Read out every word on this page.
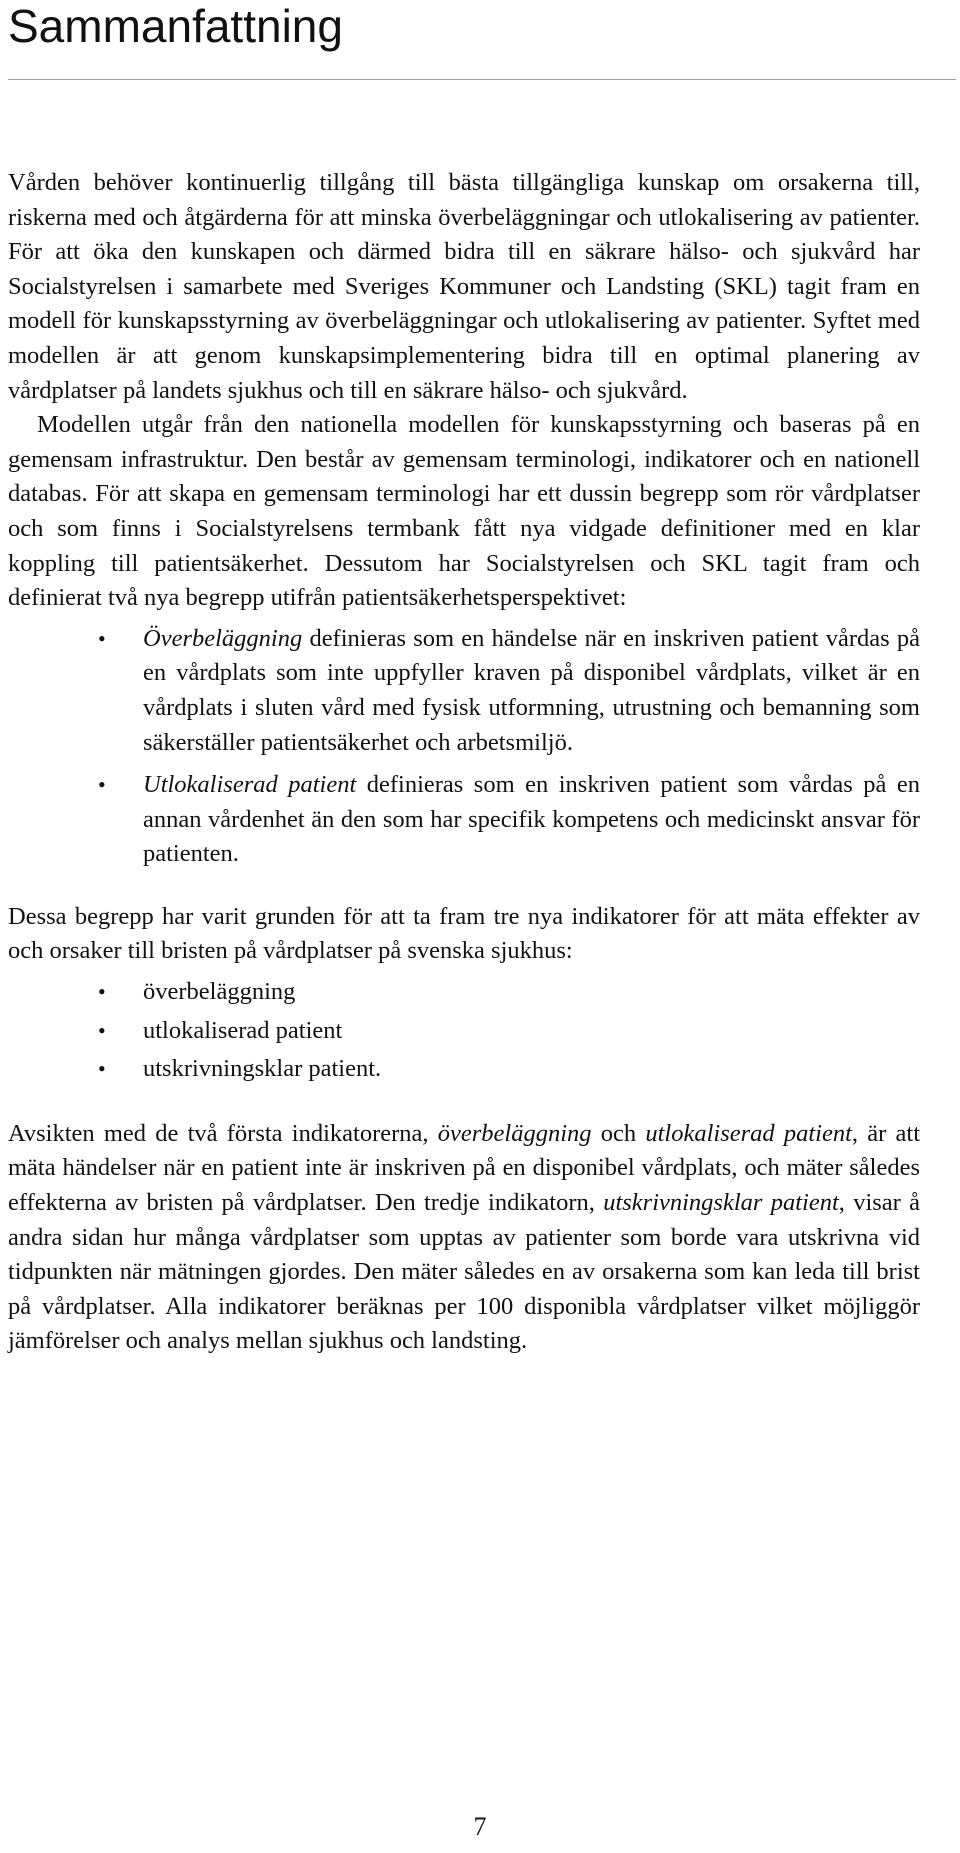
Sammanfattning

Vården behöver kontinuerlig tillgång till bästa tillgängliga kunskap om orsakerna till, riskerna med och åtgärderna för att minska överbeläggningar och utlokalisering av patienter. För att öka den kunskapen och därmed bidra till en säkrare hälso- och sjukvård har Socialstyrelsen i samarbete med Sveriges Kommuner och Landsting (SKL) tagit fram en modell för kunskapsstyrning av överbeläggningar och utlokalisering av patienter. Syftet med modellen är att genom kunskapsimplementering bidra till en optimal planering av vårdplatser på landets sjukhus och till en säkrare hälso- och sjukvård.

Modellen utgår från den nationella modellen för kunskapsstyrning och baseras på en gemensam infrastruktur. Den består av gemensam terminologi, indikatorer och en nationell databas. För att skapa en gemensam terminologi har ett dussin begrepp som rör vårdplatser och som finns i Socialstyrelsens termbank fått nya vidgade definitioner med en klar koppling till patientsäkerhet. Dessutom har Socialstyrelsen och SKL tagit fram och definierat två nya begrepp utifrån patientsäkerhetsperspektivet:

• Överbeläggning definieras som en händelse när en inskriven patient vårdas på en vårdplats som inte uppfyller kraven på disponibel vårdplats, vilket är en vårdplats i sluten vård med fysisk utformning, utrustning och bemanning som säkerställer patientsäkerhet och arbetsmiljö.
• Utlokaliserad patient definieras som en inskriven patient som vårdas på en annan vårdenhet än den som har specifik kompetens och medicinskt ansvar för patienten.

Dessa begrepp har varit grunden för att ta fram tre nya indikatorer för att mäta effekter av och orsaker till bristen på vårdplatser på svenska sjukhus:

• överbeläggning
• utlokaliserad patient
• utskrivningsklar patient.

Avsikten med de två första indikatorerna, överbeläggning och utlokaliserad patient, är att mäta händelser när en patient inte är inskriven på en disponibel vårdplats, och mäter således effekterna av bristen på vårdplatser. Den tredje indikatorn, utskrivningsklar patient, visar å andra sidan hur många vårdplatser som upptas av patienter som borde vara utskrivna vid tidpunkten när mätningen gjordes. Den mäter således en av orsakerna som kan leda till brist på vårdplatser. Alla indikatorer beräknas per 100 disponibla vårdplatser vilket möjliggör jämförelser och analys mellan sjukhus och landsting.

7
